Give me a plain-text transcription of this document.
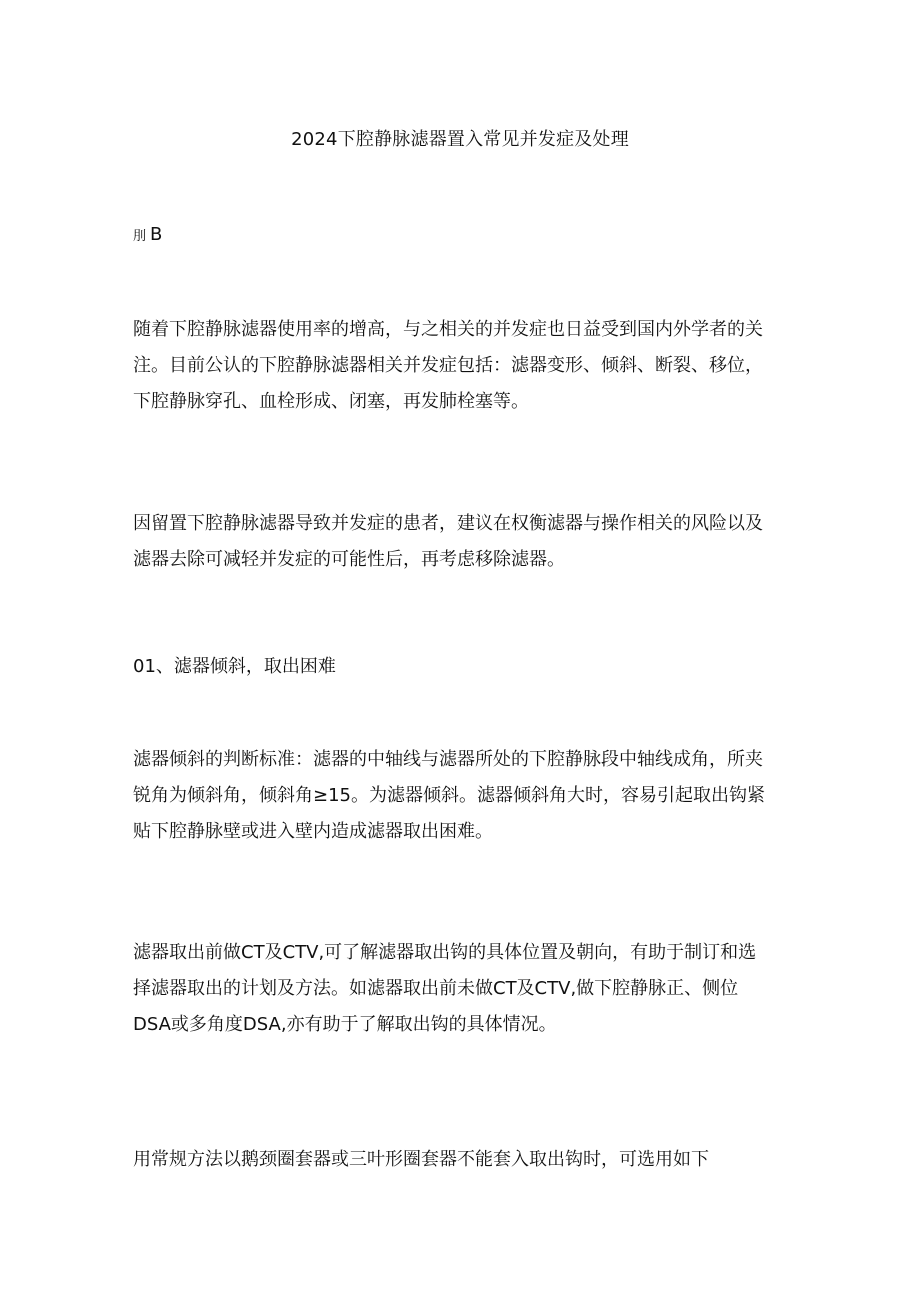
2024下腔静脉滤器置入常见并发症及处理
刖 B

随着下腔静脉滤器使用率的增高，与之相关的并发症也日益受到国内外学者的关
注。目前公认的下腔静脉滤器相关并发症包括：滤器变形、倾斜、断裂、移位，
下腔静脉穿孔、血栓形成、闭塞，再发肺栓塞等。

因留置下腔静脉滤器导致并发症的患者，建议在权衡滤器与操作相关的风险以及
滤器去除可减轻并发症的可能性后，再考虑移除滤器。

01、滤器倾斜，取出困难

滤器倾斜的判断标准：滤器的中轴线与滤器所处的下腔静脉段中轴线成角，所夹
锐角为倾斜角，倾斜角≥15。为滤器倾斜。滤器倾斜角大时，容易引起取出钩紧
贴下腔静脉壁或进入壁内造成滤器取出困难。

滤器取出前做CT及CTV,可了解滤器取出钩的具体位置及朝向，有助于制订和选
择滤器取出的计划及方法。如滤器取出前未做CT及CTV,做下腔静脉正、侧位
DSA或多角度DSA,亦有助于了解取出钩的具体情况。

用常规方法以鹅颈圈套器或三叶形圈套器不能套入取出钩时，可选用如下
